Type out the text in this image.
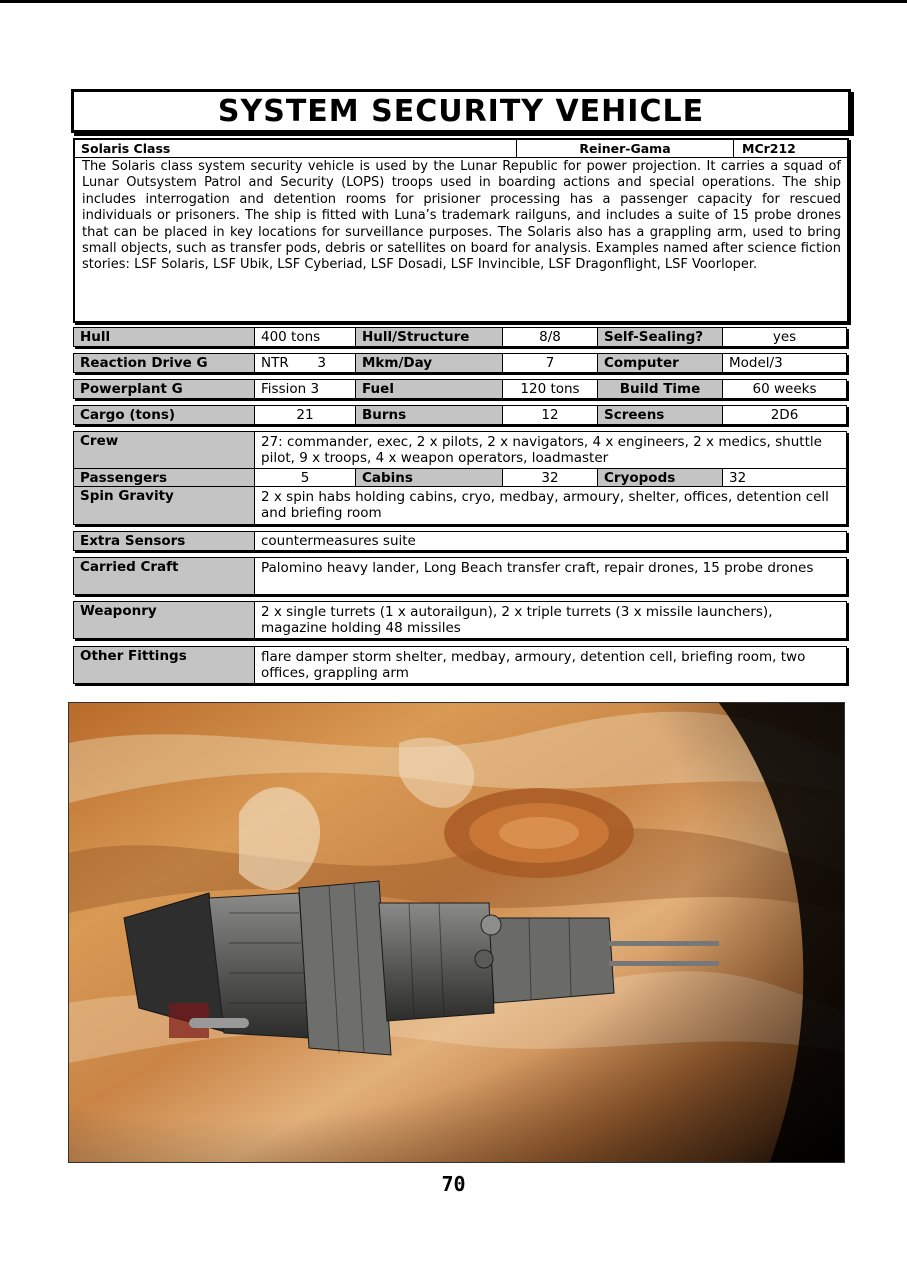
SYSTEM SECURITY VEHICLE
Solaris Class	Reiner-Gama	MCr212

The Solaris class system security vehicle is used by the Lunar Republic for power projection. It carries a squad of Lunar Outsystem Patrol and Security (LOPS) troops used in boarding actions and special operations. The ship includes interrogation and detention rooms for prisioner processing has a passenger capacity for rescued individuals or prisoners. The ship is fitted with Luna’s trademark railguns, and includes a suite of 15 probe drones that can be placed in key locations for surveillance purposes. The Solaris also has a grappling arm, used to bring small objects, such as transfer pods, debris or satellites on board for analysis. Examples named after science fiction stories: LSF Solaris, LSF Ubik, LSF Cyberiad, LSF Dosadi, LSF Invincible, LSF Dragonflight, LSF Voorloper.

Hull	400 tons	Hull/Structure	8/8	Self-Sealing?	yes
Reaction Drive G	NTR 3	Mkm/Day	7	Computer	Model/3
Powerplant G	Fission 3	Fuel	120 tons	Build Time	60 weeks
Cargo (tons)	21	Burns	12	Screens	2D6
Crew	27: commander, exec, 2 x pilots, 2 x navigators, 4 x engineers, 2 x medics, shuttle pilot, 9 x troops, 4 x weapon operators, loadmaster
Passengers	5	Cabins	32	Cryopods	32
Spin Gravity	2 x spin habs holding cabins, cryo, medbay, armoury, shelter, offices, detention cell and briefing room
Extra Sensors	countermeasures suite
Carried Craft	Palomino heavy lander, Long Beach transfer craft, repair drones, 15 probe drones
Weaponry	2 x single turrets (1 x autorailgun), 2 x triple turrets (3 x missile launchers), magazine holding 48 missiles
Other Fittings	flare damper storm shelter, medbay, armoury, detention cell, briefing room, two offices, grappling arm
70
